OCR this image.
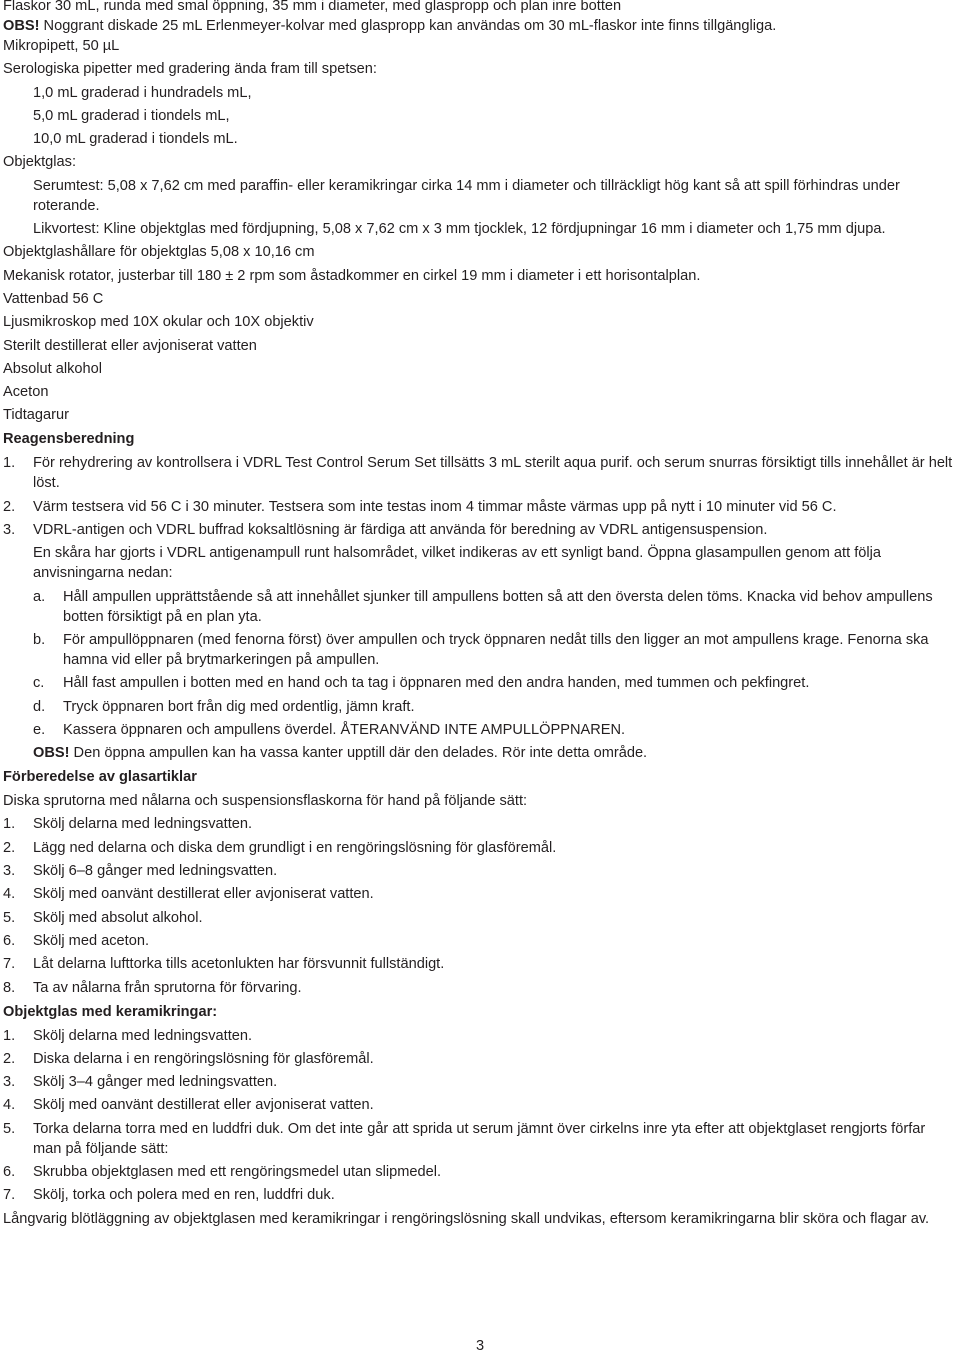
Flaskor 30 mL, runda med smal öppning, 35 mm i diameter, med glaspropp och plan inre botten
OBS! Noggrant diskade 25 mL Erlenmeyer-kolvar med glaspropp kan användas om 30 mL-flaskor inte finns tillgängliga.
Mikropipett, 50 µL
Serologiska pipetter med gradering ända fram till spetsen:
1,0 mL graderad i hundradels mL,
5,0 mL graderad i tiondels mL,
10,0 mL graderad i tiondels mL.
Objektglas:
Serumtest: 5,08 x 7,62 cm med paraffin- eller keramikringar cirka 14 mm i diameter och tillräckligt hög kant så att spill förhindras under roterande.
Likvortest: Kline objektglas med fördjupning, 5,08 x 7,62 cm x 3 mm tjocklek, 12 fördjupningar 16 mm i diameter och 1,75 mm djupa.
Objektglashållare för objektglas 5,08 x 10,16 cm
Mekanisk rotator, justerbar till 180 ± 2 rpm som åstadkommer en cirkel 19 mm i diameter i ett horisontalplan.
Vattenbad 56 C
Ljusmikroskop med 10X okular och 10X objektiv
Sterilt destillerat eller avjoniserat vatten
Absolut alkohol
Aceton
Tidtagarur
Reagensberedning
1.	För rehydrering av kontrollsera i VDRL Test Control Serum Set tillsätts 3 mL sterilt aqua purif. och serum snurras försiktigt tills innehållet är helt löst.
2.	Värm testsera vid 56 C i 30 minuter. Testsera som inte testas inom 4 timmar måste värmas upp på nytt i 10 minuter vid 56 C.
3.	VDRL-antigen och VDRL buffrad koksaltlösning är färdiga att använda för beredning av VDRL antigensuspension.
En skåra har gjorts i VDRL antigenampull runt halsområdet, vilket indikeras av ett synligt band. Öppna glasampullen genom att följa anvisningarna nedan:
a.	Håll ampullen upprättstående så att innehållet sjunker till ampullens botten så att den översta delen töms. Knacka vid behov ampullens botten försiktigt på en plan yta.
b.	För ampullöppnaren (med fenorna först) över ampullen och tryck öppnaren nedåt tills den ligger an mot ampullens krage. Fenorna ska hamna vid eller på brytmarkeringen på ampullen.
c.	Håll fast ampullen i botten med en hand och ta tag i öppnaren med den andra handen, med tummen och pekfingret.
d.	Tryck öppnaren bort från dig med ordentlig, jämn kraft.
e.	Kassera öppnaren och ampullens överdel. ÅTERANVÄND INTE AMPULLÖPPNAREN.
OBS! Den öppna ampullen kan ha vassa kanter upptill där den delades. Rör inte detta område.
Förberedelse av glasartiklar
Diska sprutorna med nålarna och suspensionsflaskorna för hand på följande sätt:
1.	Skölj delarna med ledningsvatten.
2.	Lägg ned delarna och diska dem grundligt i en rengöringslösning för glasföremål.
3.	Skölj 6–8 gånger med ledningsvatten.
4.	Skölj med oanvänt destillerat eller avjoniserat vatten.
5.	Skölj med absolut alkohol.
6.	Skölj med aceton.
7.	Låt delarna lufttorka tills acetonlukten har försvunnit fullständigt.
8.	Ta av nålarna från sprutorna för förvaring.
Objektglas med keramikringar:
1.	Skölj delarna med ledningsvatten.
2.	Diska delarna i en rengöringslösning för glasföremål.
3.	Skölj 3–4 gånger med ledningsvatten.
4.	Skölj med oanvänt destillerat eller avjoniserat vatten.
5.	Torka delarna torra med en luddfri duk. Om det inte går att sprida ut serum jämnt över cirkelns inre yta efter att objektglaset rengjorts förfar man på följande sätt:
6.	Skrubba objektglasen med ett rengöringsmedel utan slipmedel.
7.	Skölj, torka och polera med en ren, luddfri duk.
Långvarig blötläggning av objektglasen med keramikringar i rengöringslösning skall undvikas, eftersom keramikringarna blir sköra och flagar av.
3
